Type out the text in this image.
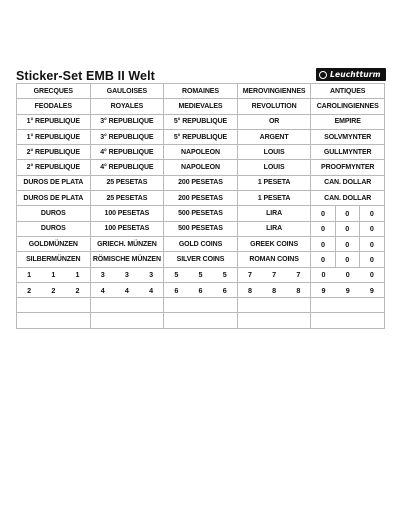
Sticker-Set EMB II Welt	Leuchtturm
GRECQUES	GAULOISES	ROMAINES	MEROVINGIENNES	ANTIQUES
FEODALES	ROYALES	MEDIEVALES	REVOLUTION	CAROLINGIENNES
1° REPUBLIQUE	3° REPUBLIQUE	5° REPUBLIQUE	OR	EMPIRE
1° REPUBLIQUE	3° REPUBLIQUE	5° REPUBLIQUE	ARGENT	SOLVMYNTER
2° REPUBLIQUE	4° REPUBLIQUE	NAPOLEON	LOUIS	GULLMYNTER
2° REPUBLIQUE	4° REPUBLIQUE	NAPOLEON	LOUIS	PROOFMYNTER
DUROS DE PLATA	25 PESETAS	200 PESETAS	1 PESETA	CAN. DOLLAR
DUROS DE PLATA	25 PESETAS	200 PESETAS	1 PESETA	CAN. DOLLAR
DUROS	100 PESETAS	500 PESETAS	LIRA	0	0	0
DUROS	100 PESETAS	500 PESETAS	LIRA	0	0	0
GOLDMÜNZEN	GRIECH. MÜNZEN	GOLD COINS	GREEK COINS	0	0	0
SILBERMÜNZEN	RÖMISCHE MÜNZEN	SILVER COINS	ROMAN COINS	0	0	0
1	1	1	3	3	3	5	5	5	7	7	7	0	0	0
2	2	2	4	4	4	6	6	6	8	8	8	9	9	9
